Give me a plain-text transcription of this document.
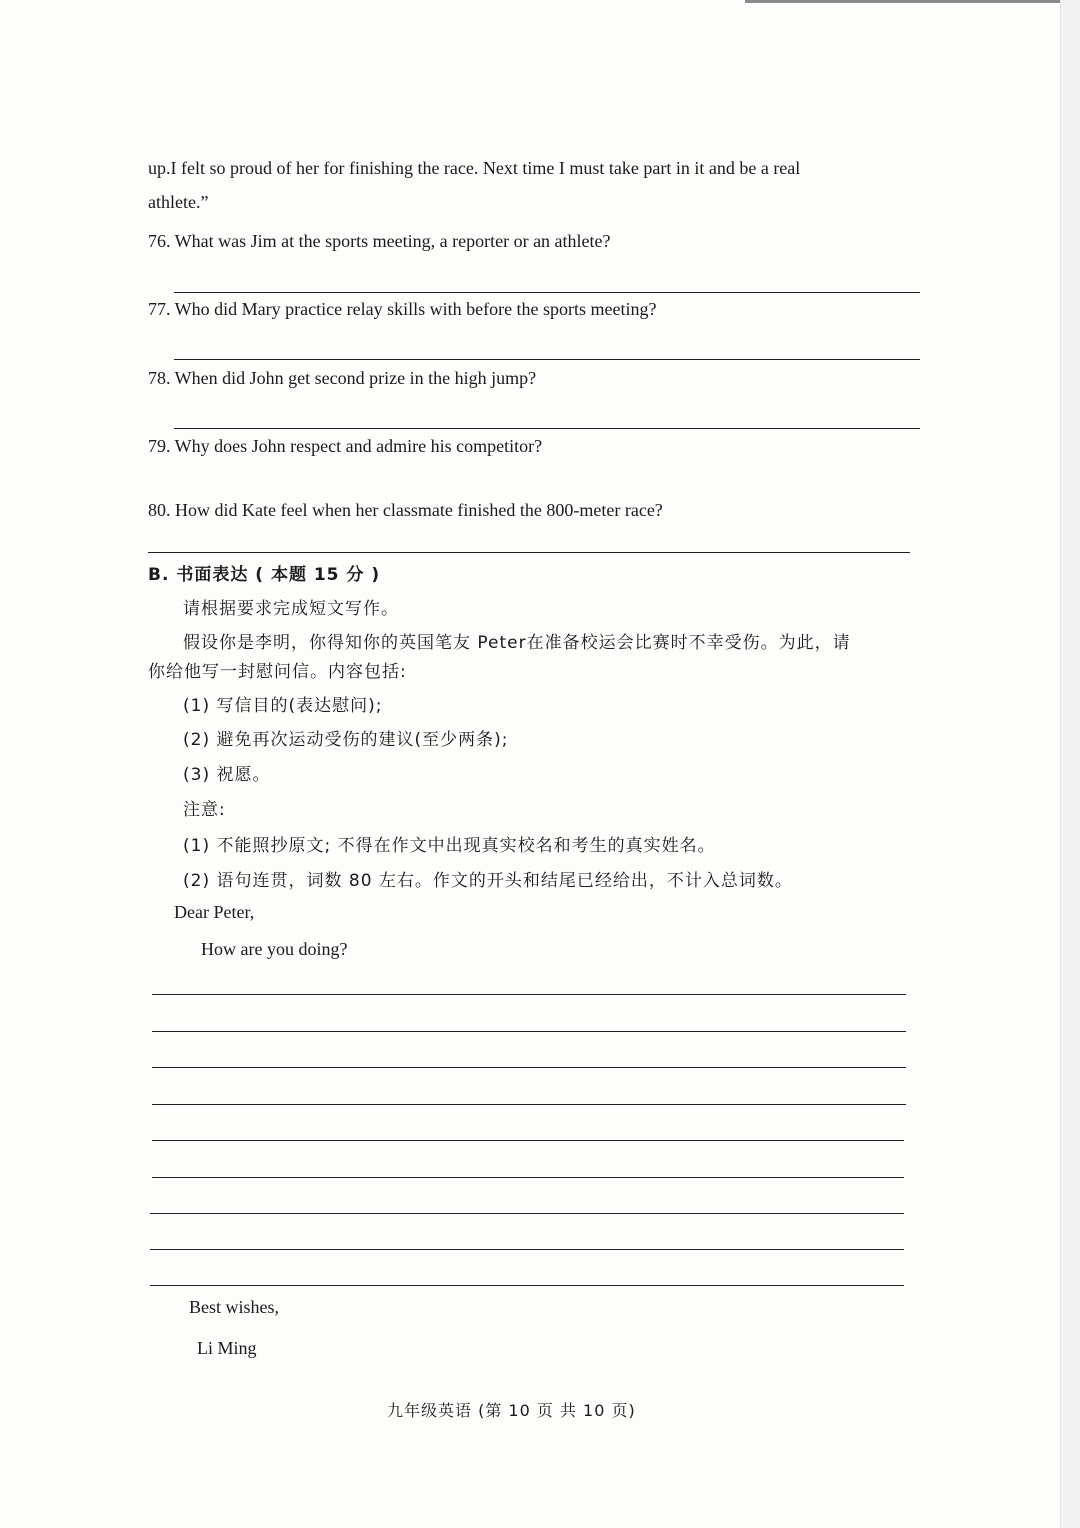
up.I felt so proud of her for finishing the race. Next time I must take part in it and be a real
athlete.”
76. What was Jim at the sports meeting, a reporter or an athlete?
77. Who did Mary practice relay skills with before the sports meeting?
78. When did John get second prize in the high jump?
79. Why does John respect and admire his competitor?
80. How did Kate feel when her classmate finished the 800-meter race?
B. 书面表达 ( 本题 15 分 )
请根据要求完成短文写作。
假设你是李明，你得知你的英国笔友 Peter在准备校运会比赛时不幸受伤。为此，请
你给他写一封慰问信。内容包括:
(1) 写信目的(表达慰问);
(2) 避免再次运动受伤的建议(至少两条);
(3) 祝愿。
注意:
(1) 不能照抄原文; 不得在作文中出现真实校名和考生的真实姓名。
(2) 语句连贯，词数 80 左右。作文的开头和结尾已经给出，不计入总词数。
Dear Peter,
How are you doing?
Best wishes,
Li Ming
九年级英语 (第 10 页 共 10 页)
